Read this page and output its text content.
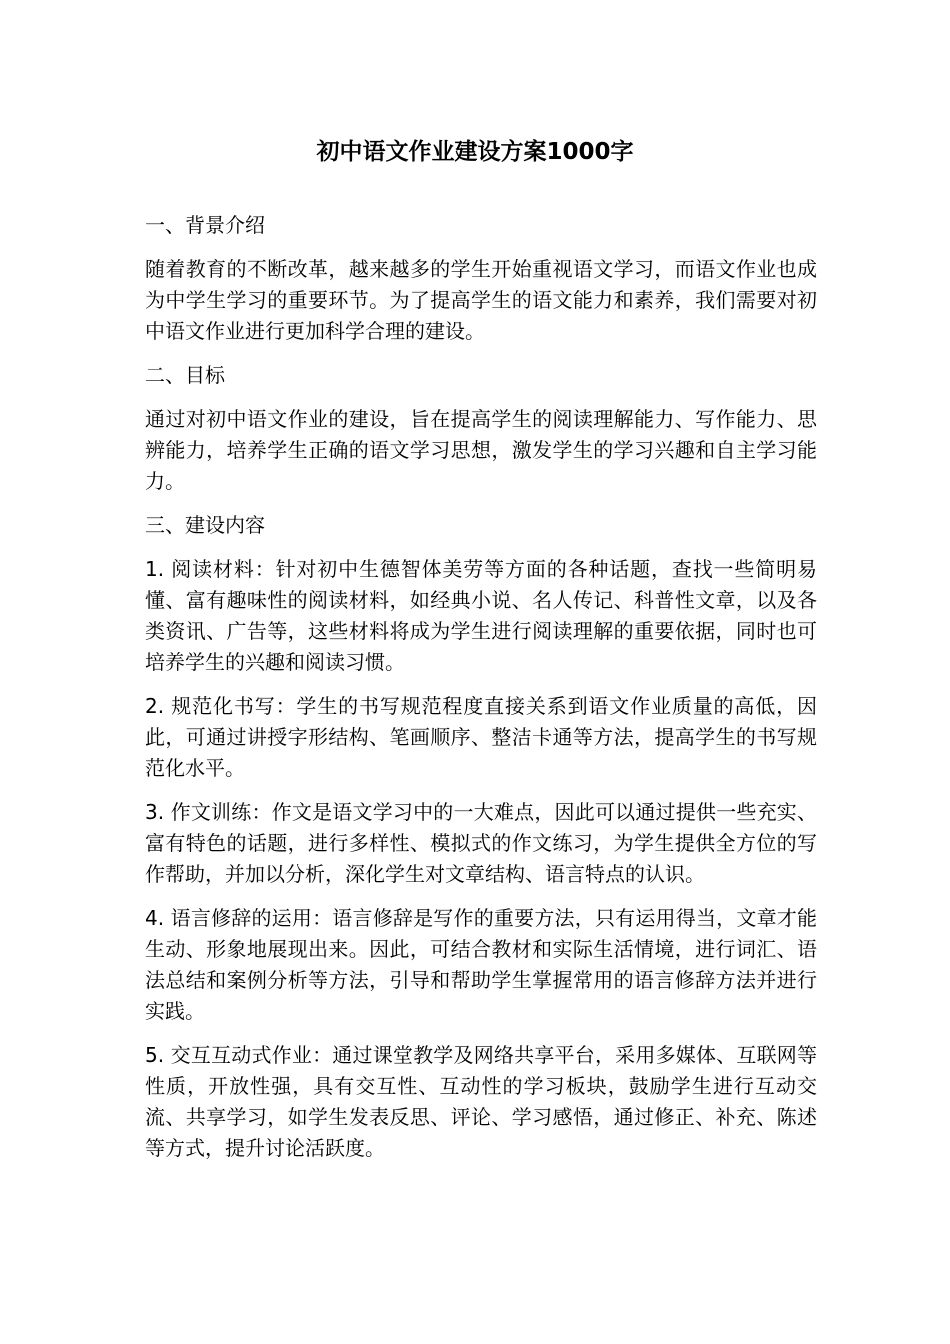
初中语文作业建设方案1000字

一、背景介绍

随着教育的不断改革，越来越多的学生开始重视语文学习，而语文作业也成为中学生学习的重要环节。为了提高学生的语文能力和素养，我们需要对初中语文作业进行更加科学合理的建设。

二、目标

通过对初中语文作业的建设，旨在提高学生的阅读理解能力、写作能力、思辨能力，培养学生正确的语文学习思想，激发学生的学习兴趣和自主学习能力。

三、建设内容

1. 阅读材料：针对初中生德智体美劳等方面的各种话题，查找一些简明易懂、富有趣味性的阅读材料，如经典小说、名人传记、科普性文章，以及各类资讯、广告等，这些材料将成为学生进行阅读理解的重要依据，同时也可培养学生的兴趣和阅读习惯。

2. 规范化书写：学生的书写规范程度直接关系到语文作业质量的高低，因此，可通过讲授字形结构、笔画顺序、整洁卡通等方法，提高学生的书写规范化水平。

3. 作文训练：作文是语文学习中的一大难点，因此可以通过提供一些充实、富有特色的话题，进行多样性、模拟式的作文练习，为学生提供全方位的写作帮助，并加以分析，深化学生对文章结构、语言特点的认识。

4. 语言修辞的运用：语言修辞是写作的重要方法，只有运用得当，文章才能生动、形象地展现出来。因此，可结合教材和实际生活情境，进行词汇、语法总结和案例分析等方法，引导和帮助学生掌握常用的语言修辞方法并进行实践。

5. 交互互动式作业：通过课堂教学及网络共享平台，采用多媒体、互联网等性质，开放性强，具有交互性、互动性的学习板块，鼓励学生进行互动交流、共享学习，如学生发表反思、评论、学习感悟，通过修正、补充、陈述等方式，提升讨论活跃度。
